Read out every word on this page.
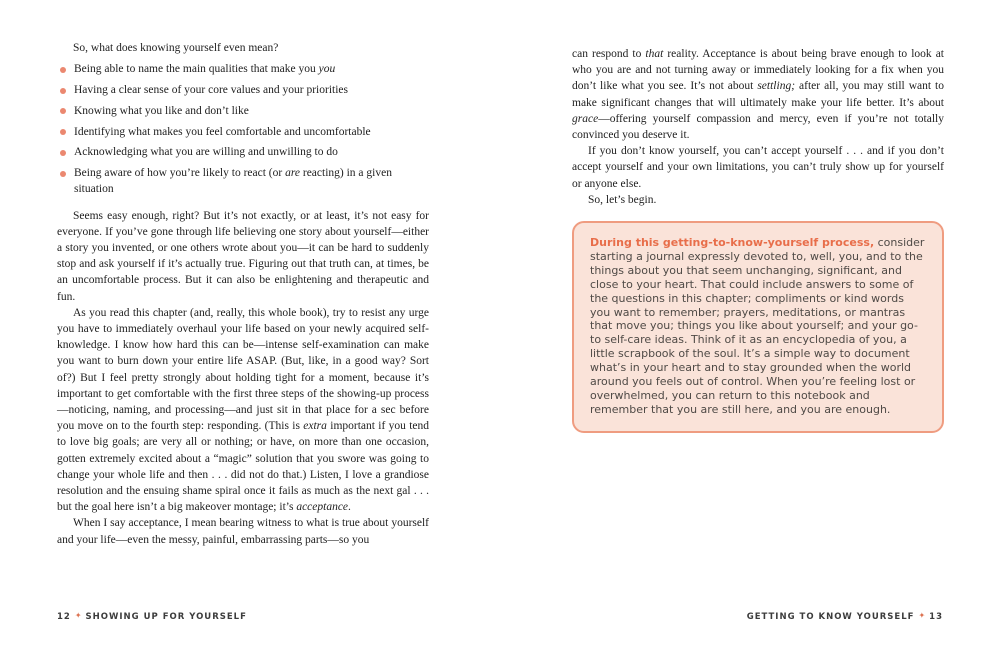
So, what does knowing yourself even mean?

Being able to name the main qualities that make you you
Having a clear sense of your core values and your priorities
Knowing what you like and don’t like
Identifying what makes you feel comfortable and uncomfortable
Acknowledging what you are willing and unwilling to do
Being aware of how you’re likely to react (or are reacting) in a given situation

Seems easy enough, right? But it’s not exactly, or at least, it’s not easy for everyone. If you’ve gone through life believing one story about yourself—either a story you invented, or one others wrote about you—it can be hard to suddenly stop and ask yourself if it’s actually true. Figuring out that truth can, at times, be an uncomfortable process. But it can also be enlightening and therapeutic and fun.

As you read this chapter (and, really, this whole book), try to resist any urge you have to immediately overhaul your life based on your newly acquired self-knowledge. I know how hard this can be—intense self-examination can make you want to burn down your entire life ASAP. (But, like, in a good way? Sort of?) But I feel pretty strongly about holding tight for a moment, because it’s important to get comfortable with the first three steps of the showing-up process—noticing, naming, and processing—and just sit in that place for a sec before you move on to the fourth step: responding. (This is extra important if you tend to love big goals; are very all or nothing; or have, on more than one occasion, gotten extremely excited about a “magic” solution that you swore was going to change your whole life and then . . . did not do that.) Listen, I love a grandiose resolution and the ensuing shame spiral once it fails as much as the next gal . . . but the goal here isn’t a big makeover montage; it’s acceptance.

When I say acceptance, I mean bearing witness to what is true about yourself and your life—even the messy, painful, embarrassing parts—so you

can respond to that reality. Acceptance is about being brave enough to look at who you are and not turning away or immediately looking for a fix when you don’t like what you see. It’s not about settling; after all, you may still want to make significant changes that will ultimately make your life better. It’s about grace—offering yourself compassion and mercy, even if you’re not totally convinced you deserve it.

If you don’t know yourself, you can’t accept yourself . . . and if you don’t accept yourself and your own limitations, you can’t truly show up for yourself or anyone else.

So, let’s begin.

During this getting-to-know-yourself process, consider starting a journal expressly devoted to, well, you, and to the things about you that seem unchanging, significant, and close to your heart. That could include answers to some of the questions in this chapter; compliments or kind words you want to remember; prayers, meditations, or mantras that move you; things you like about yourself; and your go-to self-care ideas. Think of it as an encyclopedia of you, a little scrapbook of the soul. It’s a simple way to document what’s in your heart and to stay grounded when the world around you feels out of control. When you’re feeling lost or overwhelmed, you can return to this notebook and remember that you are still here, and you are enough.
12 ✦ SHOWING UP FOR YOURSELF	GETTING TO KNOW YOURSELF ✦ 13
